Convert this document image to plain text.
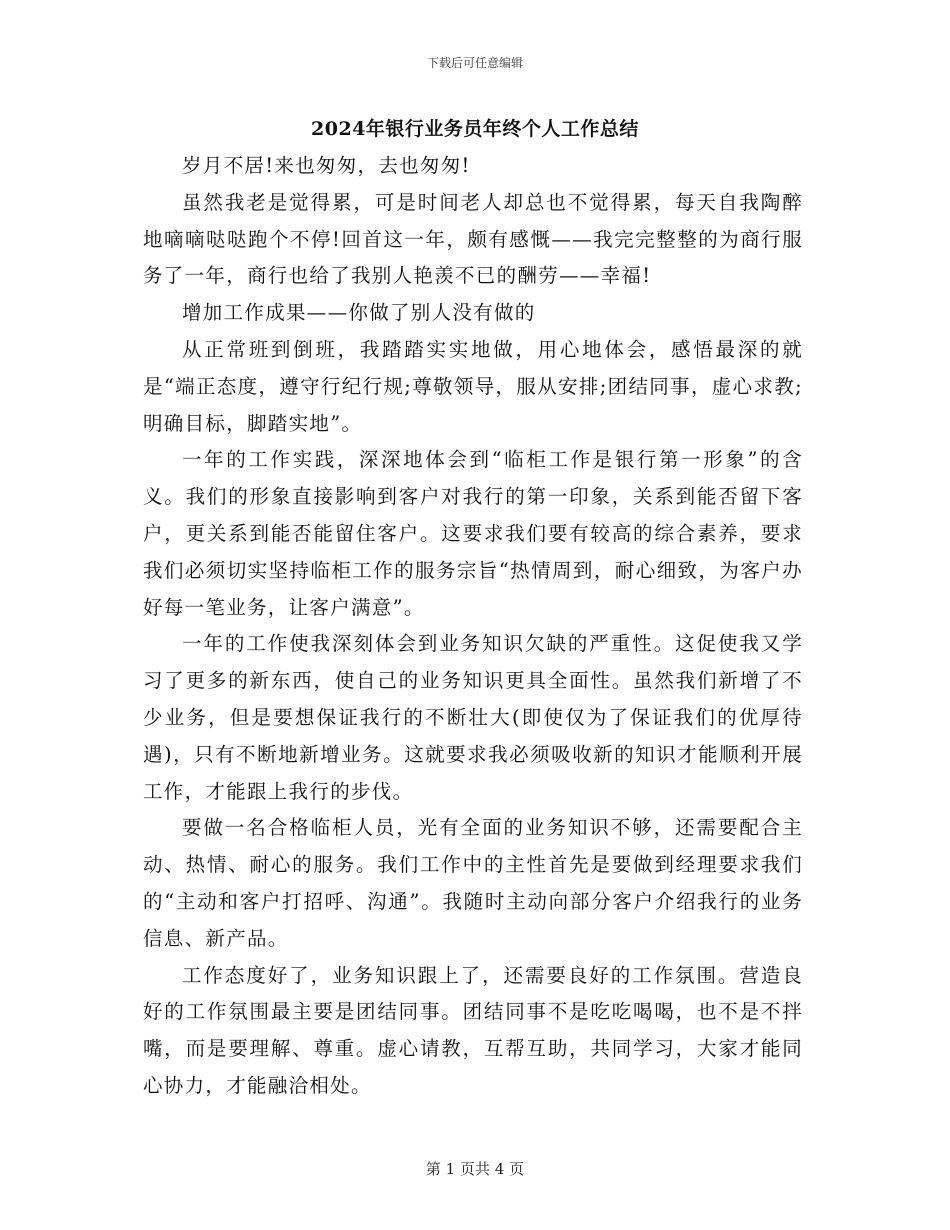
下载后可任意编辑
2024年银行业务员年终个人工作总结

岁月不居!来也匆匆，去也匆匆!

虽然我老是觉得累，可是时间老人却总也不觉得累，每天自我陶醉地嘀嘀哒哒跑个不停!回首这一年，颇有感慨——我完完整整的为商行服务了一年，商行也给了我别人艳羡不已的酬劳——幸福!

增加工作成果——你做了别人没有做的

从正常班到倒班，我踏踏实实地做，用心地体会，感悟最深的就是“端正态度，遵守行纪行规;尊敬领导，服从安排;团结同事，虚心求教;明确目标，脚踏实地”。

一年的工作实践，深深地体会到“临柜工作是银行第一形象”的含义。我们的形象直接影响到客户对我行的第一印象，关系到能否留下客户，更关系到能否能留住客户。这要求我们要有较高的综合素养，要求我们必须切实坚持临柜工作的服务宗旨“热情周到，耐心细致，为客户办好每一笔业务，让客户满意”。

一年的工作使我深刻体会到业务知识欠缺的严重性。这促使我又学习了更多的新东西，使自己的业务知识更具全面性。虽然我们新增了不少业务，但是要想保证我行的不断壮大(即使仅为了保证我们的优厚待遇)，只有不断地新增业务。这就要求我必须吸收新的知识才能顺利开展工作，才能跟上我行的步伐。

要做一名合格临柜人员，光有全面的业务知识不够，还需要配合主动、热情、耐心的服务。我们工作中的主性首先是要做到经理要求我们的“主动和客户打招呼、沟通”。我随时主动向部分客户介绍我行的业务信息、新产品。

工作态度好了，业务知识跟上了，还需要良好的工作氛围。营造良好的工作氛围最主要是团结同事。团结同事不是吃吃喝喝，也不是不拌嘴，而是要理解、尊重。虚心请教，互帮互助，共同学习，大家才能同心协力，才能融洽相处。

第 1 页共 4 页
